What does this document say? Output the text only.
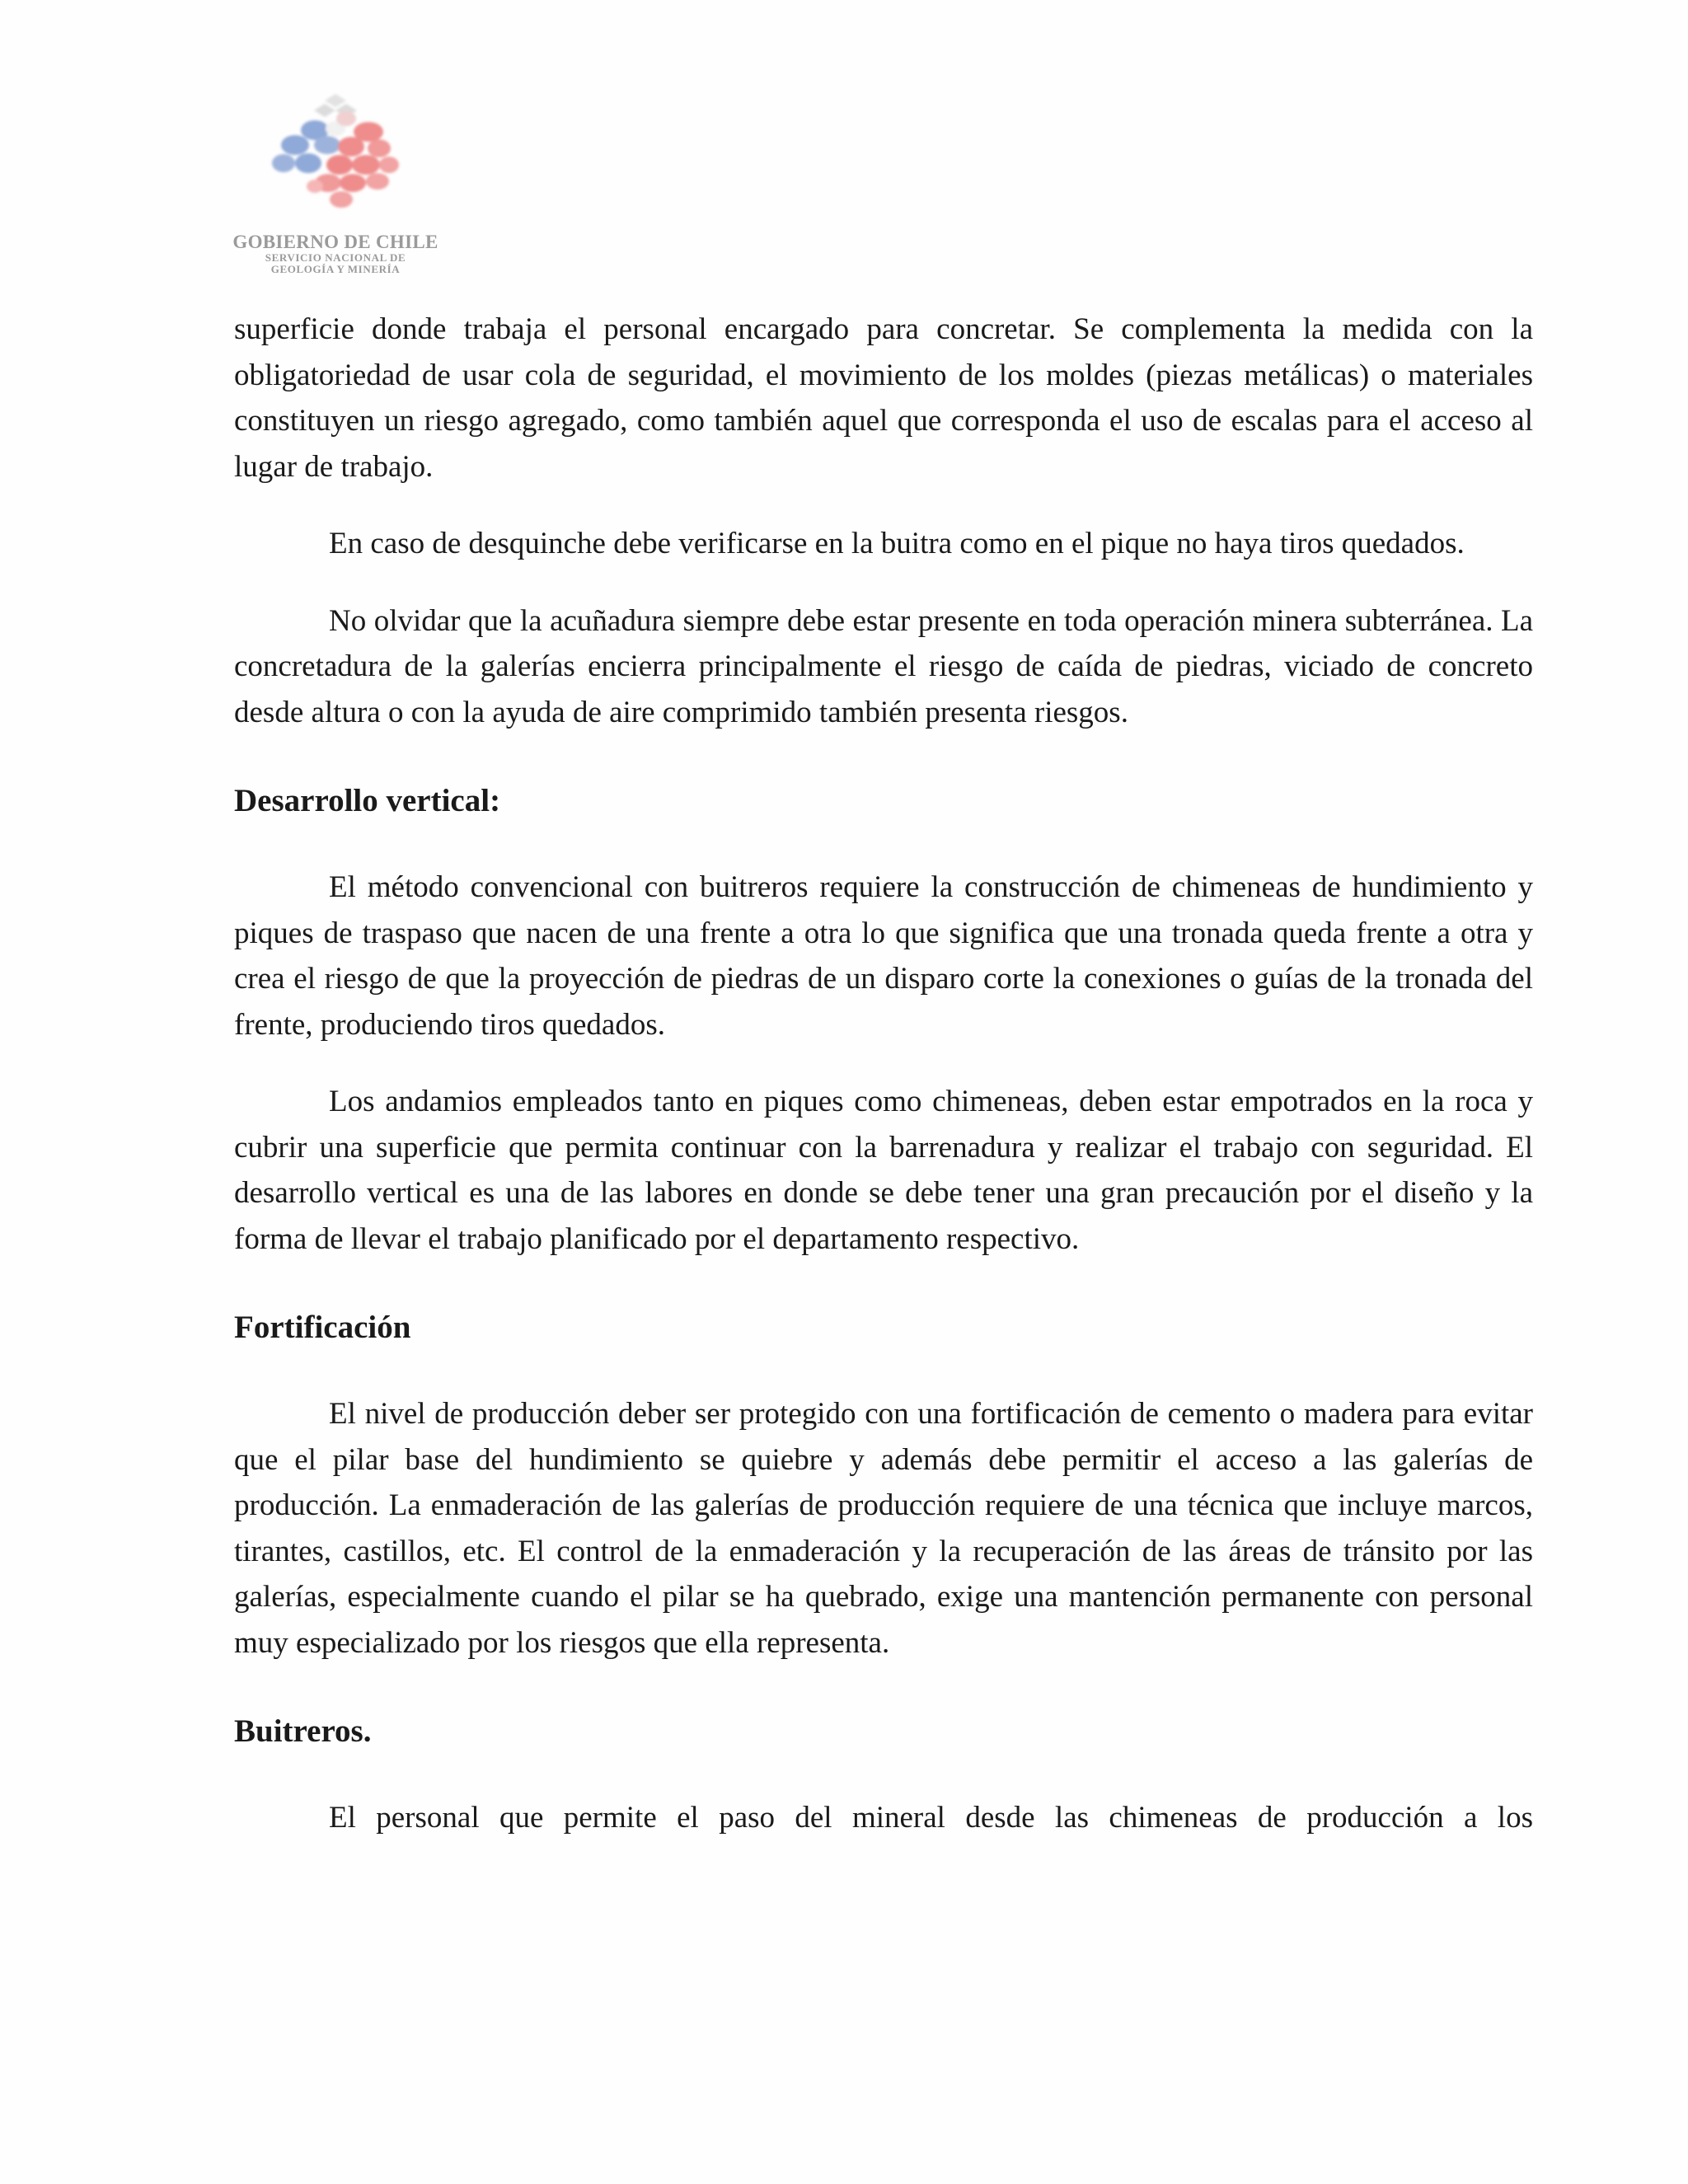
GOBIERNO DE CHILE
SERVICIO NACIONAL DE
GEOLOGÍA Y MINERÍA

superficie donde trabaja el personal encargado para concretar. Se complementa la medida con la obligatoriedad de usar cola de seguridad, el movimiento de los moldes (piezas metálicas) o materiales constituyen un riesgo agregado, como también aquel que corresponda el uso de escalas para el acceso al lugar de trabajo.

En caso de desquinche debe verificarse en la buitra como en el pique no haya tiros quedados.

No olvidar que la acuñadura siempre debe estar presente en toda operación minera subterránea. La concretadura de la galerías encierra principalmente el riesgo de caída de piedras, viciado de concreto desde altura o con la ayuda de aire comprimido también presenta riesgos.

Desarrollo vertical:

El método convencional con buitreros requiere la construcción de chimeneas de hundimiento y piques de traspaso que nacen de una frente a otra lo que significa que una tronada queda frente a otra y crea el riesgo de que la proyección de piedras de un disparo corte la conexiones o guías de la tronada del frente, produciendo tiros quedados.

Los andamios empleados tanto en piques como chimeneas, deben estar empotrados en la roca y cubrir una superficie que permita continuar con la barrenadura y realizar el trabajo con seguridad. El desarrollo vertical es una de las labores en donde se debe tener una gran precaución por el diseño y la forma de llevar el trabajo planificado por el departamento respectivo.

Fortificación

El nivel de producción deber ser protegido con una fortificación de cemento o madera para evitar que el pilar base del hundimiento se quiebre y además debe permitir el acceso a las galerías de producción. La enmaderación de las galerías de producción requiere de una técnica que incluye marcos, tirantes, castillos, etc. El control de la enmaderación y la recuperación de las áreas de tránsito por las galerías, especialmente cuando el pilar se ha quebrado, exige una mantención permanente con personal muy especializado por los riesgos que ella representa.

Buitreros.

El personal que permite el paso del mineral desde las chimeneas de producción a los
